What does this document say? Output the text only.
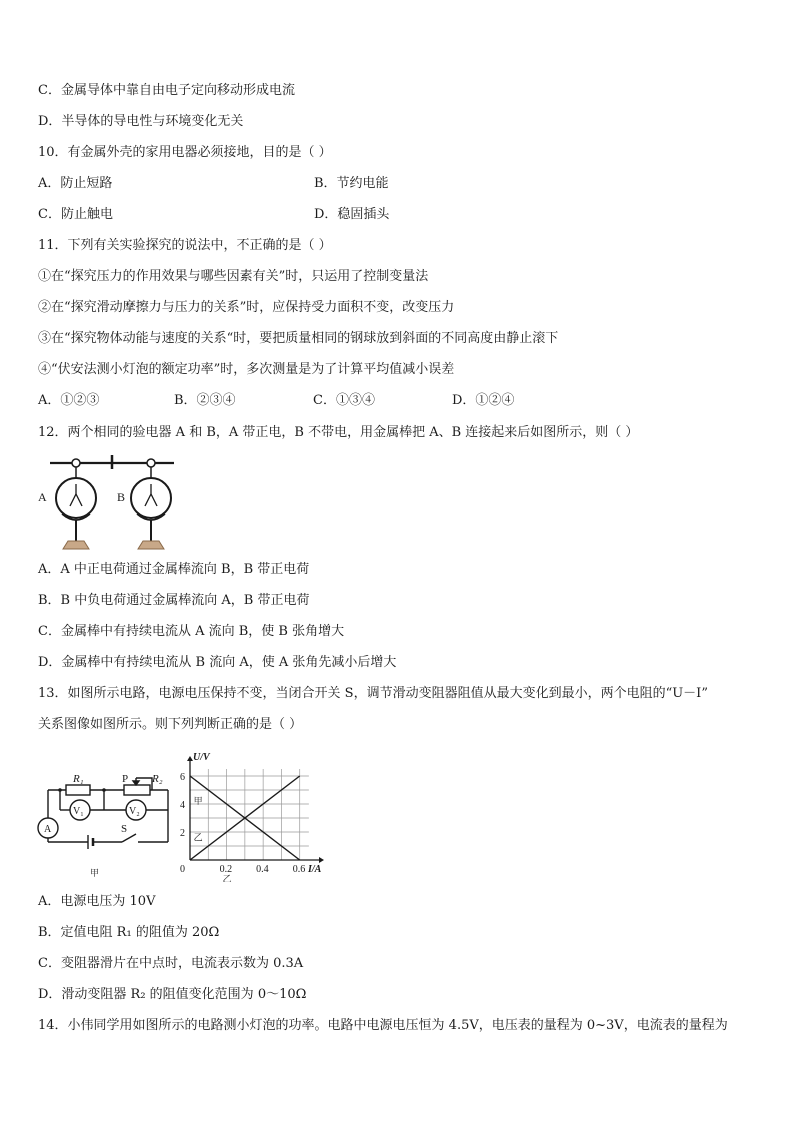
C．金属导体中靠自由电子定向移动形成电流
D．半导体的导电性与环境变化无关
10．有金属外壳的家用电器必须接地，目的是（ ）
A．防止短路	B．节约电能
C．防止触电	D．稳固插头
11．下列有关实验探究的说法中，不正确的是（ ）
①在“探究压力的作用效果与哪些因素有关”时，只运用了控制变量法
②在“探究滑动摩擦力与压力的关系”时，应保持受力面积不变，改变压力
③在“探究物体动能与速度的关系“时，要把质量相同的钢球放到斜面的不同高度由静止滚下
④“伏安法测小灯泡的额定功率”时，多次测量是为了计算平均值减小误差
A．①②③	B．②③④	C．①③④	D．①②④
12．两个相同的验电器 A 和 B，A 带正电，B 不带电，用金属棒把 A、B 连接起来后如图所示，则（ ）
A	B
A．A 中正电荷通过金属棒流向 B，B 带正电荷
B．B 中负电荷通过金属棒流向 A，B 带正电荷
C．金属棒中有持续电流从 A 流向 B，使 B 张角增大
D．金属棒中有持续电流从 B 流向 A，使 A 张角先减小后增大
13．如图所示电路，电源电压保持不变，当闭合开关 S，调节滑动变阻器阻值从最大变化到最小，两个电阻的“U－I”
关系图像如图所示。则下列判断正确的是（ ）
R₁	R₂
P
V₁	V₂
A	S
甲	0.2 0.4 0.6
2
4
6
0
U/V
I/A
甲
乙
乙
A．电源电压为 10V
B．定值电阻 R₁ 的阻值为 20Ω
C．变阻器滑片在中点时，电流表示数为 0.3A
D．滑动变阻器 R₂ 的阻值变化范围为 0～10Ω
14．小伟同学用如图所示的电路测小灯泡的功率。电路中电源电压恒为 4.5V，电压表的量程为 0~3V，电流表的量程为
